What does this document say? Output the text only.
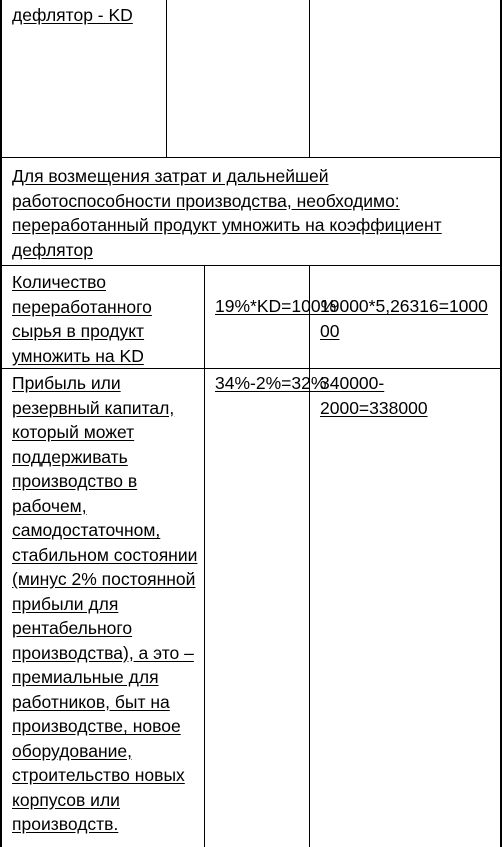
дефлятор - KD
Для возмещения затрат и дальнейшей работоспособности производства, необходимо: переработанный продукт умножить на коэффициент дефлятор
Количество переработанного сырья в продукт умножить на KD
19%*KD=100%
19000*5,26316=100000
Прибыль или резервный капитал, который может поддерживать производство в рабочем, самодостаточном, стабильном состоянии (минус 2% постоянной прибыли для рентабельного производства), а это – премиальные для работников, быт на производстве, новое оборудование, строительство новых корпусов или производств.
34%-2%=32%
340000-2000=338000
